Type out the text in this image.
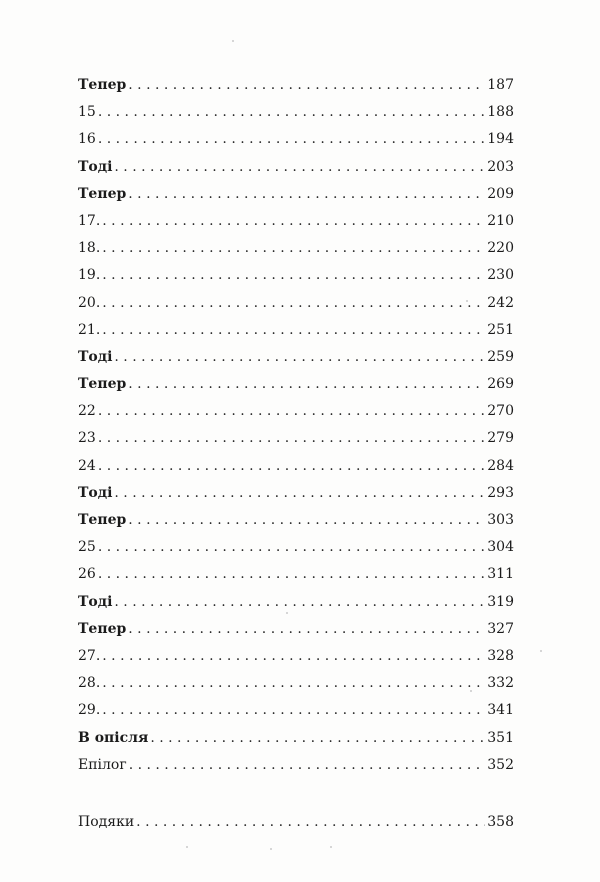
Тепер . . .	187
15 . . .	188
16 . . .	194
Тоді . . .	203
Тепер . . .	209
17. . . .	210
18. . . .	220
19. . . .	230
20. . . .	242
21. . . .	251
Тоді . . .	259
Тепер . . .	269
22 . . .	270
23 . . .	279
24 . . .	284
Тоді . . .	293
Тепер . . .	303
25 . . .	304
26 . . .	311
Тоді . . .	319
Тепер . . .	327
27. . . .	328
28. . . .	332
29. . . .	341
В опісля . . .	351
Епілог . . .	352
Подяки . . .	358
